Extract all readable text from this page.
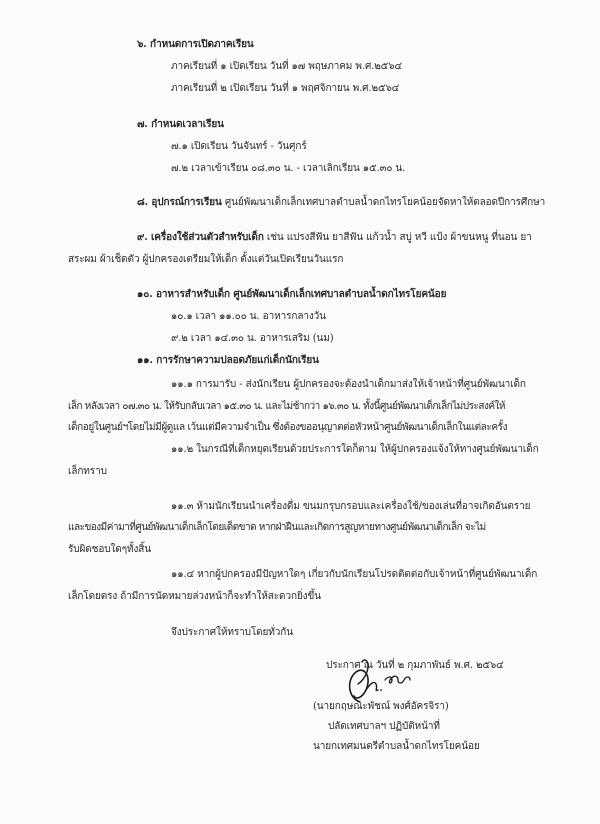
๖. กำหนดการเปิดภาคเรียน
ภาคเรียนที่ ๑ เปิดเรียน วันที่ ๑๗ พฤษภาคม พ.ศ.๒๕๖๔
ภาคเรียนที่ ๒ เปิดเรียน วันที่ ๑ พฤศจิกายน พ.ศ.๒๕๖๔
๗. กำหนดเวลาเรียน
๗.๑ เปิดเรียน วันจันทร์ - วันศุกร์
๗.๒ เวลาเข้าเรียน ๐๘.๓๐ น. - เวลาเลิกเรียน ๑๕.๓๐ น.
๘. อุปกรณ์การเรียน ศูนย์พัฒนาเด็กเล็กเทศบาลตำบลน้ำดกไทรโยคน้อยจัดหาให้ตลอดปีการศึกษา
๙. เครื่องใช้ส่วนตัวสำหรับเด็ก เช่น แปรงสีฟัน ยาสีฟัน แก้วน้ำ สบู่ หวี แป้ง ผ้าขนหนู ที่นอน ยา
สระผม ผ้าเช็ดตัว ผู้ปกครองเตรียมให้เด็ก ตั้งแต่วันเปิดเรียนวันแรก
๑๐. อาหารสำหรับเด็ก ศูนย์พัฒนาเด็กเล็กเทศบาลตำบลน้ำดกไทรโยคน้อย
๑๐.๑ เวลา ๑๑.๐๐ น. อาหารกลางวัน
๙.๒ เวลา ๑๔.๓๐ น. อาหารเสริม (นม)
๑๑. การรักษาความปลอดภัยแก่เด็กนักเรียน
๑๑.๑ การมารับ - ส่งนักเรียน ผู้ปกครองจะต้องนำเด็กมาส่งให้เจ้าหน้าที่ศูนย์พัฒนาเด็ก
เล็ก หลังเวลา ๐๗.๓๐ น. ให้รับกลับเวลา ๑๕.๓๐ น. และไม่ช้ากว่า ๑๖.๓๐ น. ทั้งนี้ศูนย์พัฒนาเด็กเล็กไม่ประสงค์ให้
เด็กอยู่ในศูนย์ฯโดยไม่มีผู้ดูแล เว้นแต่มีความจำเป็น ซึ่งต้องขออนุญาตต่อหัวหน้าศูนย์พัฒนาเด็กเล็กในแต่ละครั้ง
๑๑.๒ ในกรณีที่เด็กหยุดเรียนด้วยประการใดก็ตาม ให้ผู้ปกครองแจ้งให้ทางศูนย์พัฒนาเด็ก
เล็กทราบ
๑๑.๓ ห้ามนักเรียนนำเครื่องดื่ม ขนมกรุบกรอบและเครื่องใช้/ของเล่นที่อาจเกิดอันตราย
และของมีค่ามาที่ศูนย์พัฒนาเด็กเล็กโดยเด็ดขาด หากฝ่าฝืนและเกิดการสูญหายทางศูนย์พัฒนาเด็กเล็ก จะไม่
รับผิดชอบใดๆทั้งสิ้น
๑๑.๔ หากผู้ปกครองมีปัญหาใดๆ เกี่ยวกับนักเรียนโปรดติดต่อกับเจ้าหน้าที่ศูนย์พัฒนาเด็ก
เล็กโดยตรง ถ้ามีการนัดหมายล่วงหน้าก็จะทำให้สะดวกยิ่งขึ้น
จึงประกาศให้ทราบโดยทั่วกัน
ประกาศ ณ วันที่ ๒ กุมภาพันธ์ พ.ศ. ๒๕๖๔
(นายกฤษณะพัชณ์ พงศ์อัครจิรา)
ปลัดเทศบาลฯ ปฏิบัติหน้าที่
นายกเทศมนตรีตำบลน้ำดกไทรโยคน้อย
